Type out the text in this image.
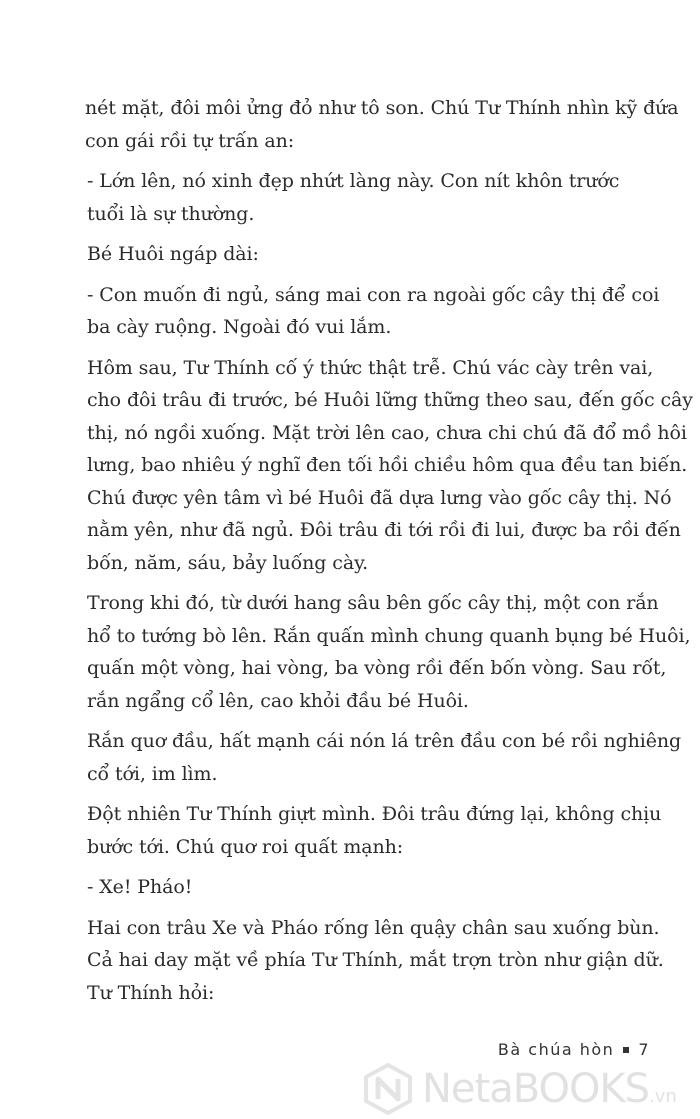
nét mặt, đôi môi ửng đỏ như tô son. Chú Tư Thính nhìn kỹ đứa
con gái rồi tự trấn an:

- Lớn lên, nó xinh đẹp nhứt làng này. Con nít khôn trước
tuổi là sự thường.

Bé Huôi ngáp dài:

- Con muốn đi ngủ, sáng mai con ra ngoài gốc cây thị để coi
ba cày ruộng. Ngoài đó vui lắm.

Hôm sau, Tư Thính cố ý thức thật trễ. Chú vác cày trên vai,
cho đôi trâu đi trước, bé Huôi lững thững theo sau, đến gốc cây
thị, nó ngồi xuống. Mặt trời lên cao, chưa chi chú đã đổ mồ hôi
lưng, bao nhiêu ý nghĩ đen tối hồi chiều hôm qua đều tan biến.
Chú được yên tâm vì bé Huôi đã dựa lưng vào gốc cây thị. Nó
nằm yên, như đã ngủ. Đôi trâu đi tới rồi đi lui, được ba rồi đến
bốn, năm, sáu, bảy luống cày.

Trong khi đó, từ dưới hang sâu bên gốc cây thị, một con rắn
hổ to tướng bò lên. Rắn quấn mình chung quanh bụng bé Huôi,
quấn một vòng, hai vòng, ba vòng rồi đến bốn vòng. Sau rốt,
rắn ngẩng cổ lên, cao khỏi đầu bé Huôi.

Rắn quơ đầu, hất mạnh cái nón lá trên đầu con bé rồi nghiêng
cổ tới, im lìm.

Đột nhiên Tư Thính giựt mình. Đôi trâu đứng lại, không chịu
bước tới. Chú quơ roi quất mạnh:

- Xe! Pháo!

Hai con trâu Xe và Pháo rống lên quậy chân sau xuống bùn.
Cả hai day mặt về phía Tư Thính, mắt trợn tròn như giận dữ.
Tư Thính hỏi:

Bà chúa hòn 7
NetaBOOKS.vn
